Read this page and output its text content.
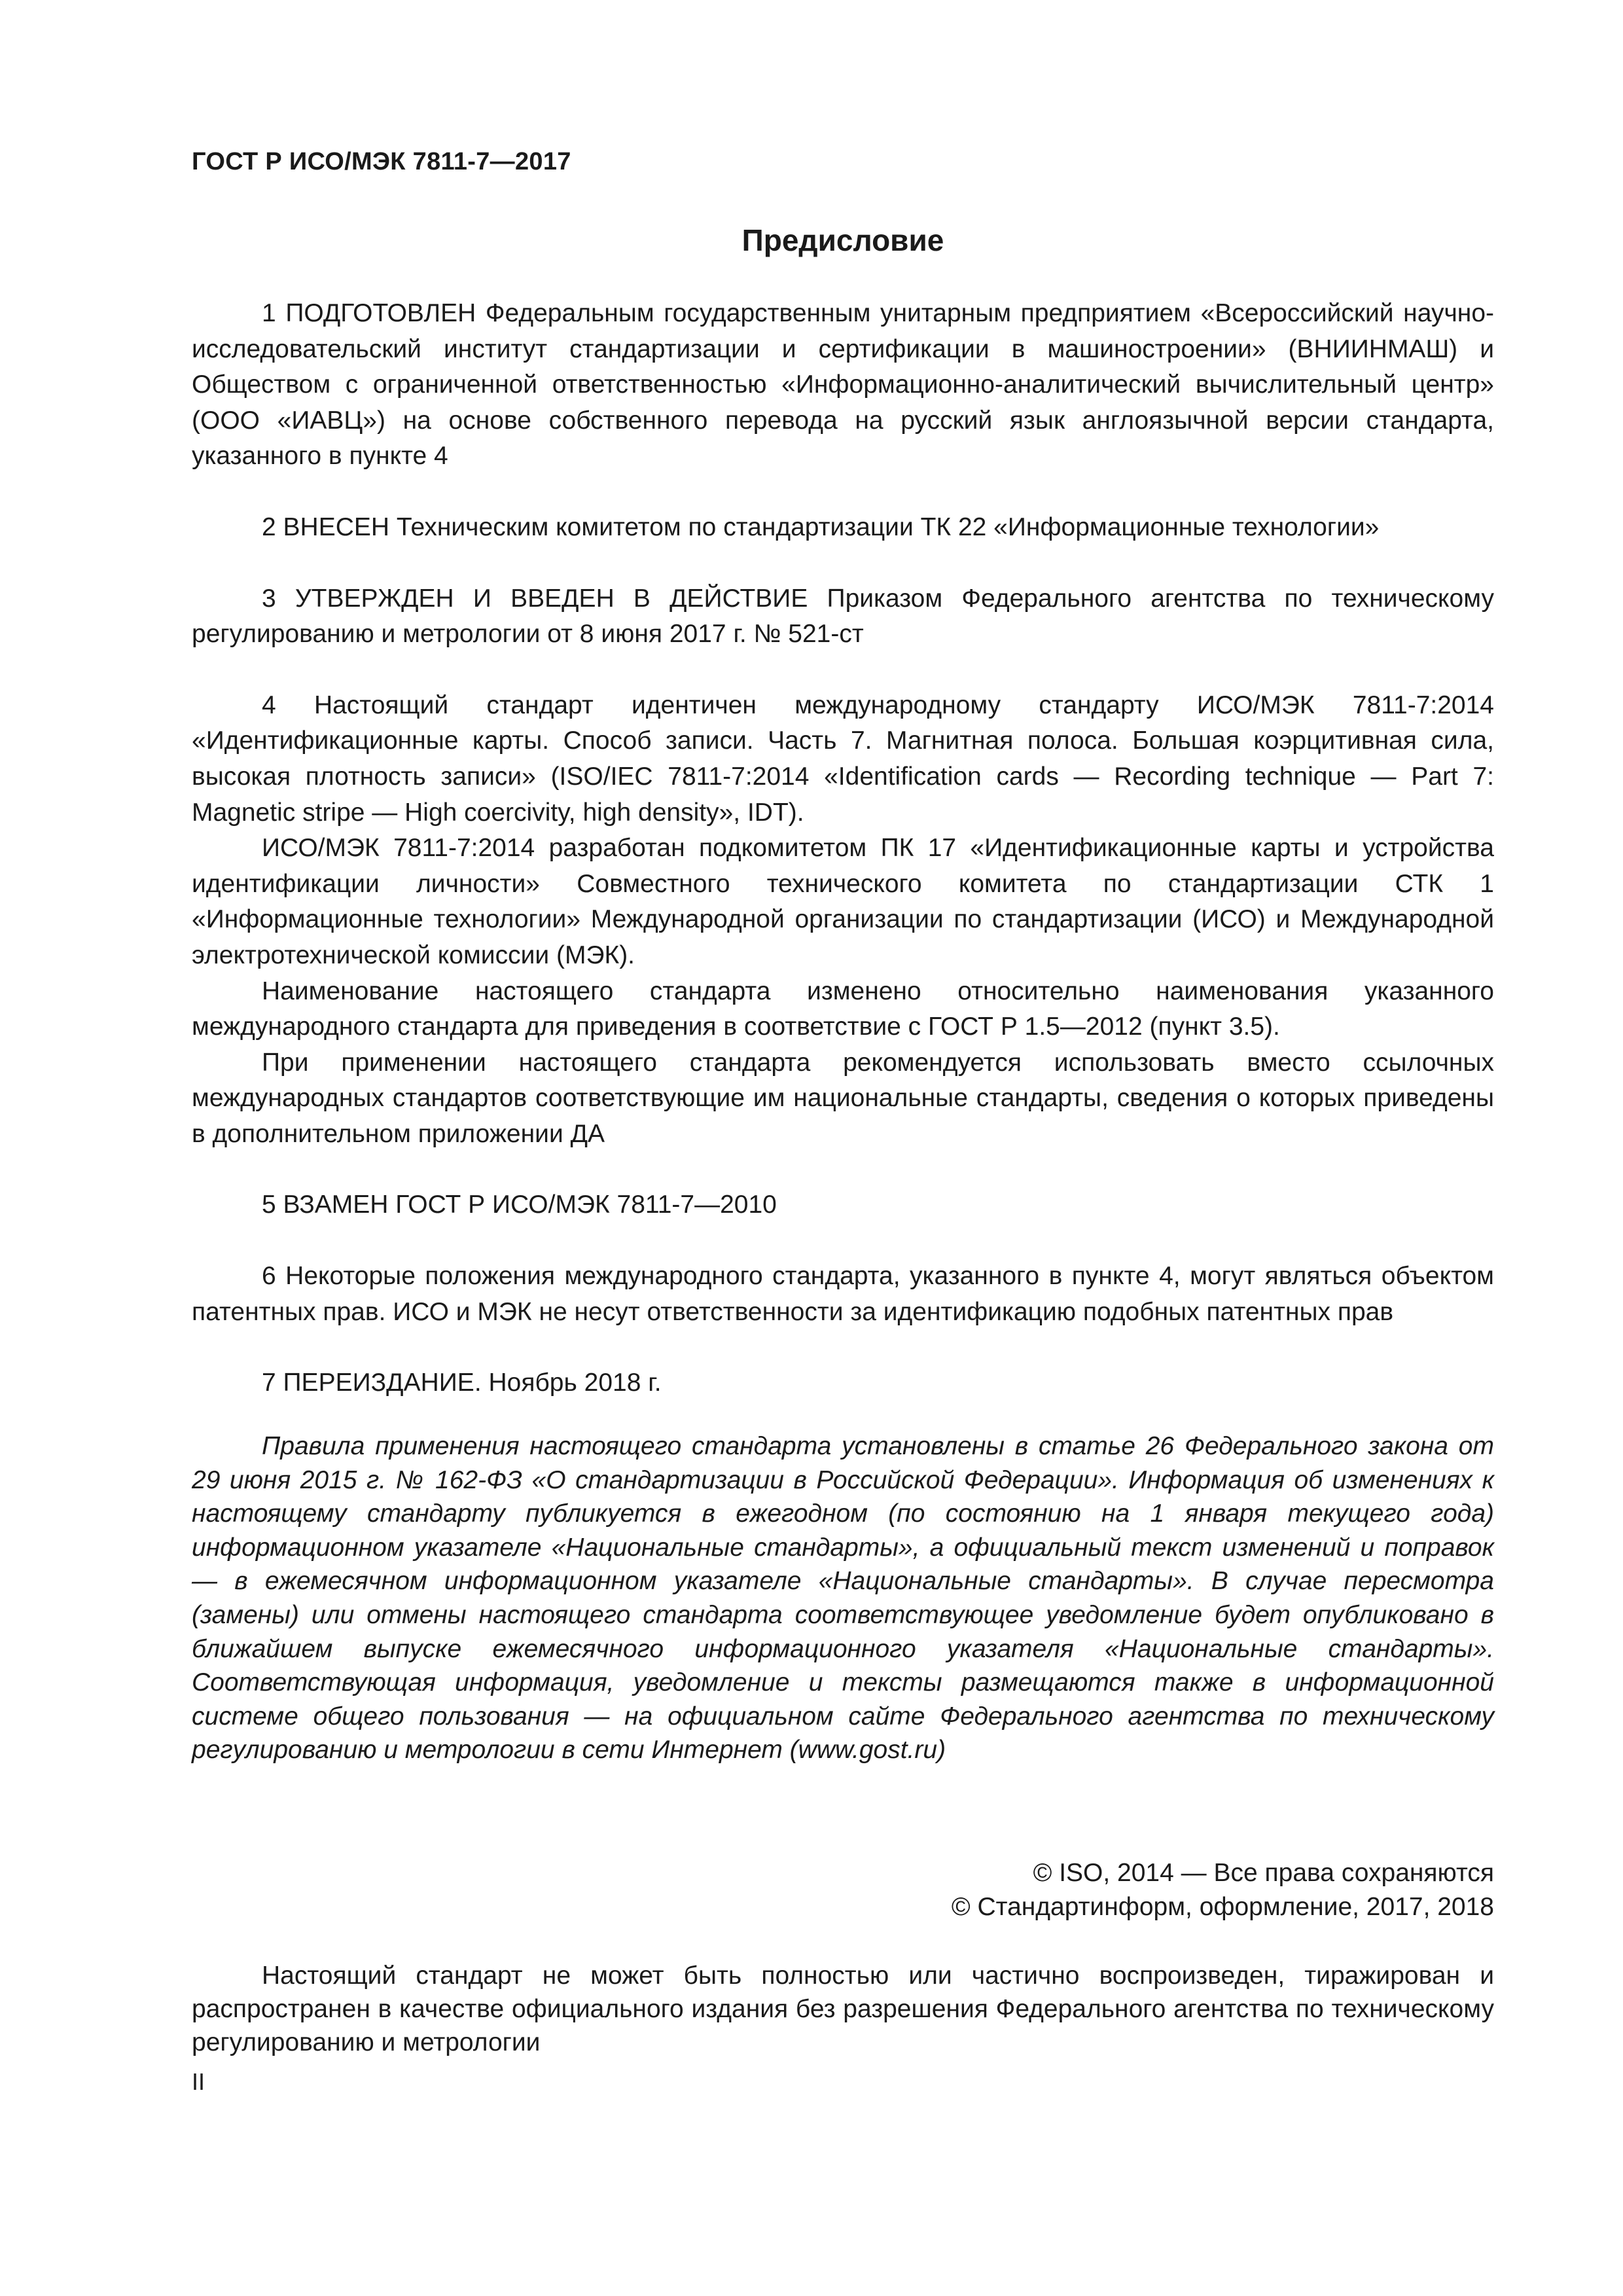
ГОСТ Р ИСО/МЭК 7811-7—2017
Предисловие

1 ПОДГОТОВЛЕН Федеральным государственным унитарным предприятием «Всероссийский научно-исследовательский институт стандартизации и сертификации в машиностроении» (ВНИИНМАШ) и Обществом с ограниченной ответственностью «Информационно-аналитический вычислительный центр» (ООО «ИАВЦ») на основе собственного перевода на русский язык англоязычной версии стандарта, указанного в пункте 4

2 ВНЕСЕН Техническим комитетом по стандартизации ТК 22 «Информационные технологии»

3 УТВЕРЖДЕН И ВВЕДЕН В ДЕЙСТВИЕ Приказом Федерального агентства по техническому регулированию и метрологии от 8 июня 2017 г. № 521-ст

4 Настоящий стандарт идентичен международному стандарту ИСО/МЭК 7811-7:2014 «Идентификационные карты. Способ записи. Часть 7. Магнитная полоса. Большая коэрцитивная сила, высокая плотность записи» (ISO/IEC 7811-7:2014 «Identification cards — Recording technique — Part 7: Magnetic stripe — High coercivity, high density», IDT).

ИСО/МЭК 7811-7:2014 разработан подкомитетом ПК 17 «Идентификационные карты и устройства идентификации личности» Совместного технического комитета по стандартизации СТК 1 «Информационные технологии» Международной организации по стандартизации (ИСО) и Международной электротехнической комиссии (МЭК).

Наименование настоящего стандарта изменено относительно наименования указанного международного стандарта для приведения в соответствие с ГОСТ Р 1.5—2012 (пункт 3.5).

При применении настоящего стандарта рекомендуется использовать вместо ссылочных международных стандартов соответствующие им национальные стандарты, сведения о которых приведены в дополнительном приложении ДА

5 ВЗАМЕН ГОСТ Р ИСО/МЭК 7811-7—2010

6 Некоторые положения международного стандарта, указанного в пункте 4, могут являться объектом патентных прав. ИСО и МЭК не несут ответственности за идентификацию подобных патентных прав

7 ПЕРЕИЗДАНИЕ. Ноябрь 2018 г.

Правила применения настоящего стандарта установлены в статье 26 Федерального закона от 29 июня 2015 г. № 162-ФЗ «О стандартизации в Российской Федерации». Информация об изменениях к настоящему стандарту публикуется в ежегодном (по состоянию на 1 января текущего года) информационном указателе «Национальные стандарты», а официальный текст изменений и поправок — в ежемесячном информационном указателе «Национальные стандарты». В случае пересмотра (замены) или отмены настоящего стандарта соответствующее уведомление будет опубликовано в ближайшем выпуске ежемесячного информационного указателя «Национальные стандарты». Соответствующая информация, уведомление и тексты размещаются также в информационной системе общего пользования — на официальном сайте Федерального агентства по техническому регулированию и метрологии в сети Интернет (www.gost.ru)

© ISO, 2014 — Все права сохраняются
© Стандартинформ, оформление, 2017, 2018

Настоящий стандарт не может быть полностью или частично воспроизведен, тиражирован и распространен в качестве официального издания без разрешения Федерального агентства по техническому регулированию и метрологии

II
